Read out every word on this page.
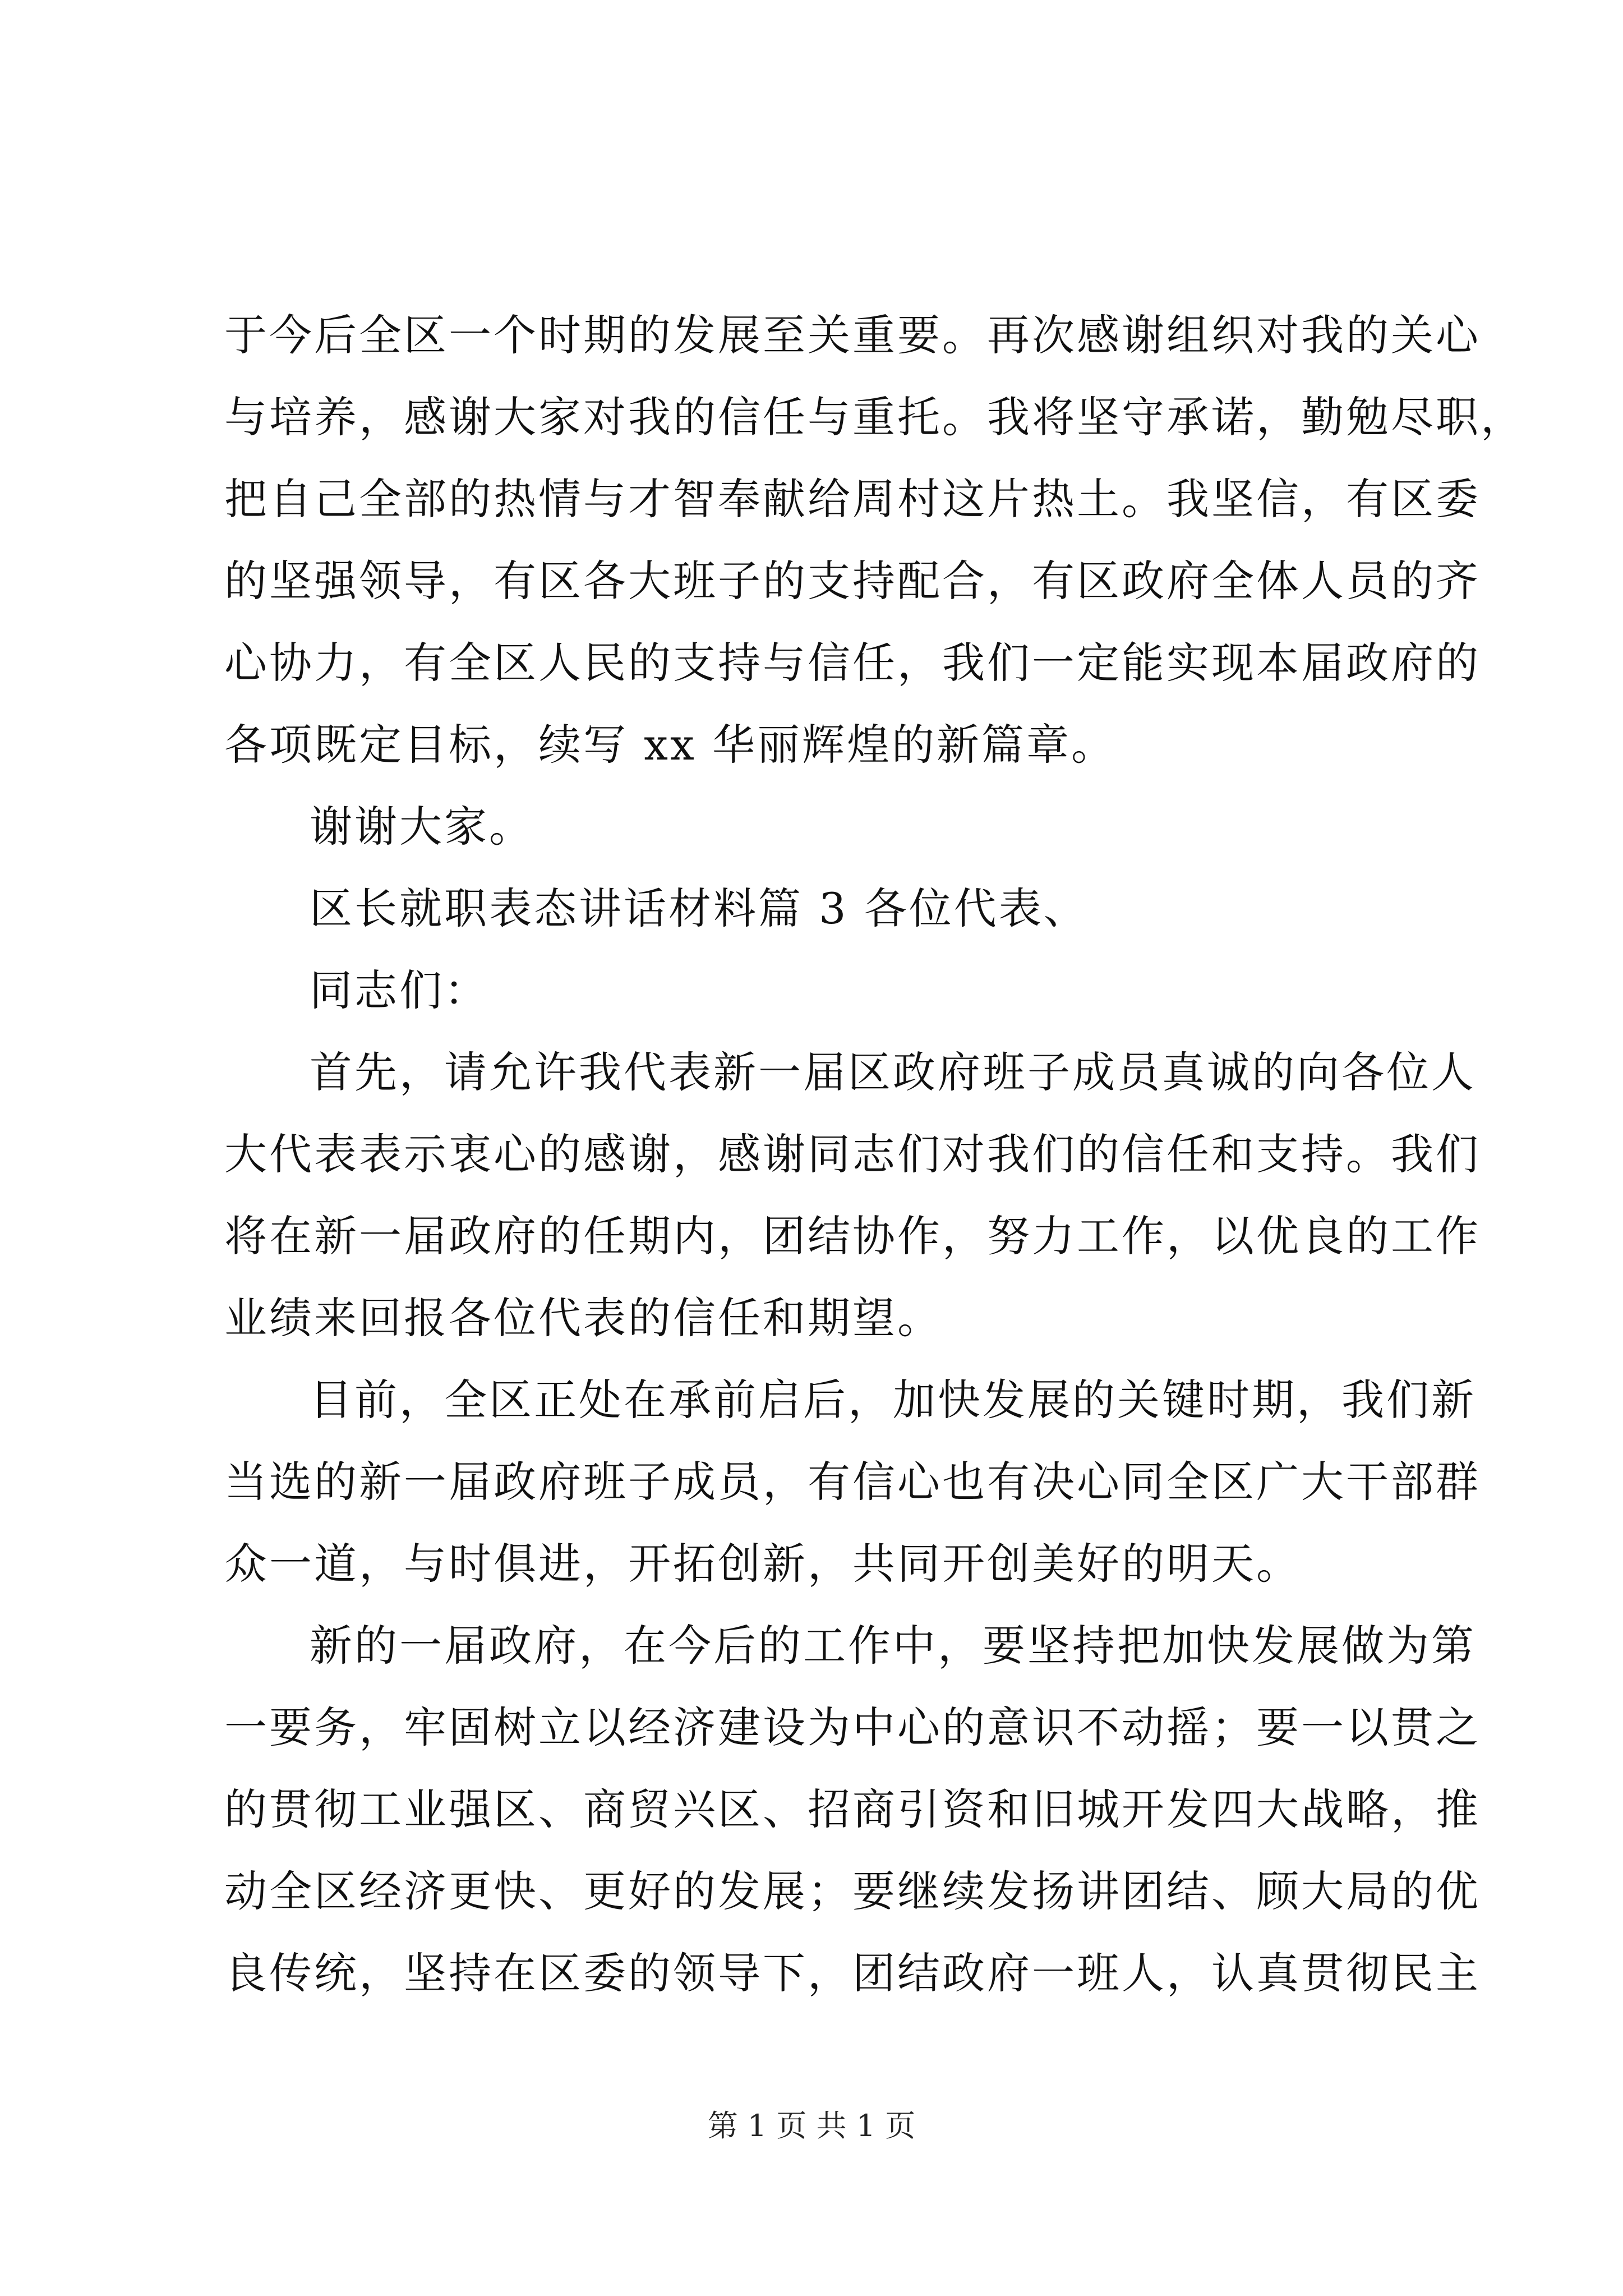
于今后全区一个时期的发展至关重要。再次感谢组织对我的关心
与培养，感谢大家对我的信任与重托。我将坚守承诺，勤勉尽职，
把自己全部的热情与才智奉献给周村这片热土。我坚信，有区委
的坚强领导，有区各大班子的支持配合，有区政府全体人员的齐
心协力，有全区人民的支持与信任，我们一定能实现本届政府的
各项既定目标，续写 xx 华丽辉煌的新篇章。
谢谢大家。
区长就职表态讲话材料篇 3 各位代表、
同志们：
首先，请允许我代表新一届区政府班子成员真诚的向各位人
大代表表示衷心的感谢，感谢同志们对我们的信任和支持。我们
将在新一届政府的任期内，团结协作，努力工作，以优良的工作
业绩来回报各位代表的信任和期望。
目前，全区正处在承前启后，加快发展的关键时期，我们新
当选的新一届政府班子成员，有信心也有决心同全区广大干部群
众一道，与时俱进，开拓创新，共同开创美好的明天。
新的一届政府，在今后的工作中，要坚持把加快发展做为第
一要务，牢固树立以经济建设为中心的意识不动摇；要一以贯之
的贯彻工业强区、商贸兴区、招商引资和旧城开发四大战略，推
动全区经济更快、更好的发展；要继续发扬讲团结、顾大局的优
良传统，坚持在区委的领导下，团结政府一班人，认真贯彻民主
第 1 页 共 1 页
